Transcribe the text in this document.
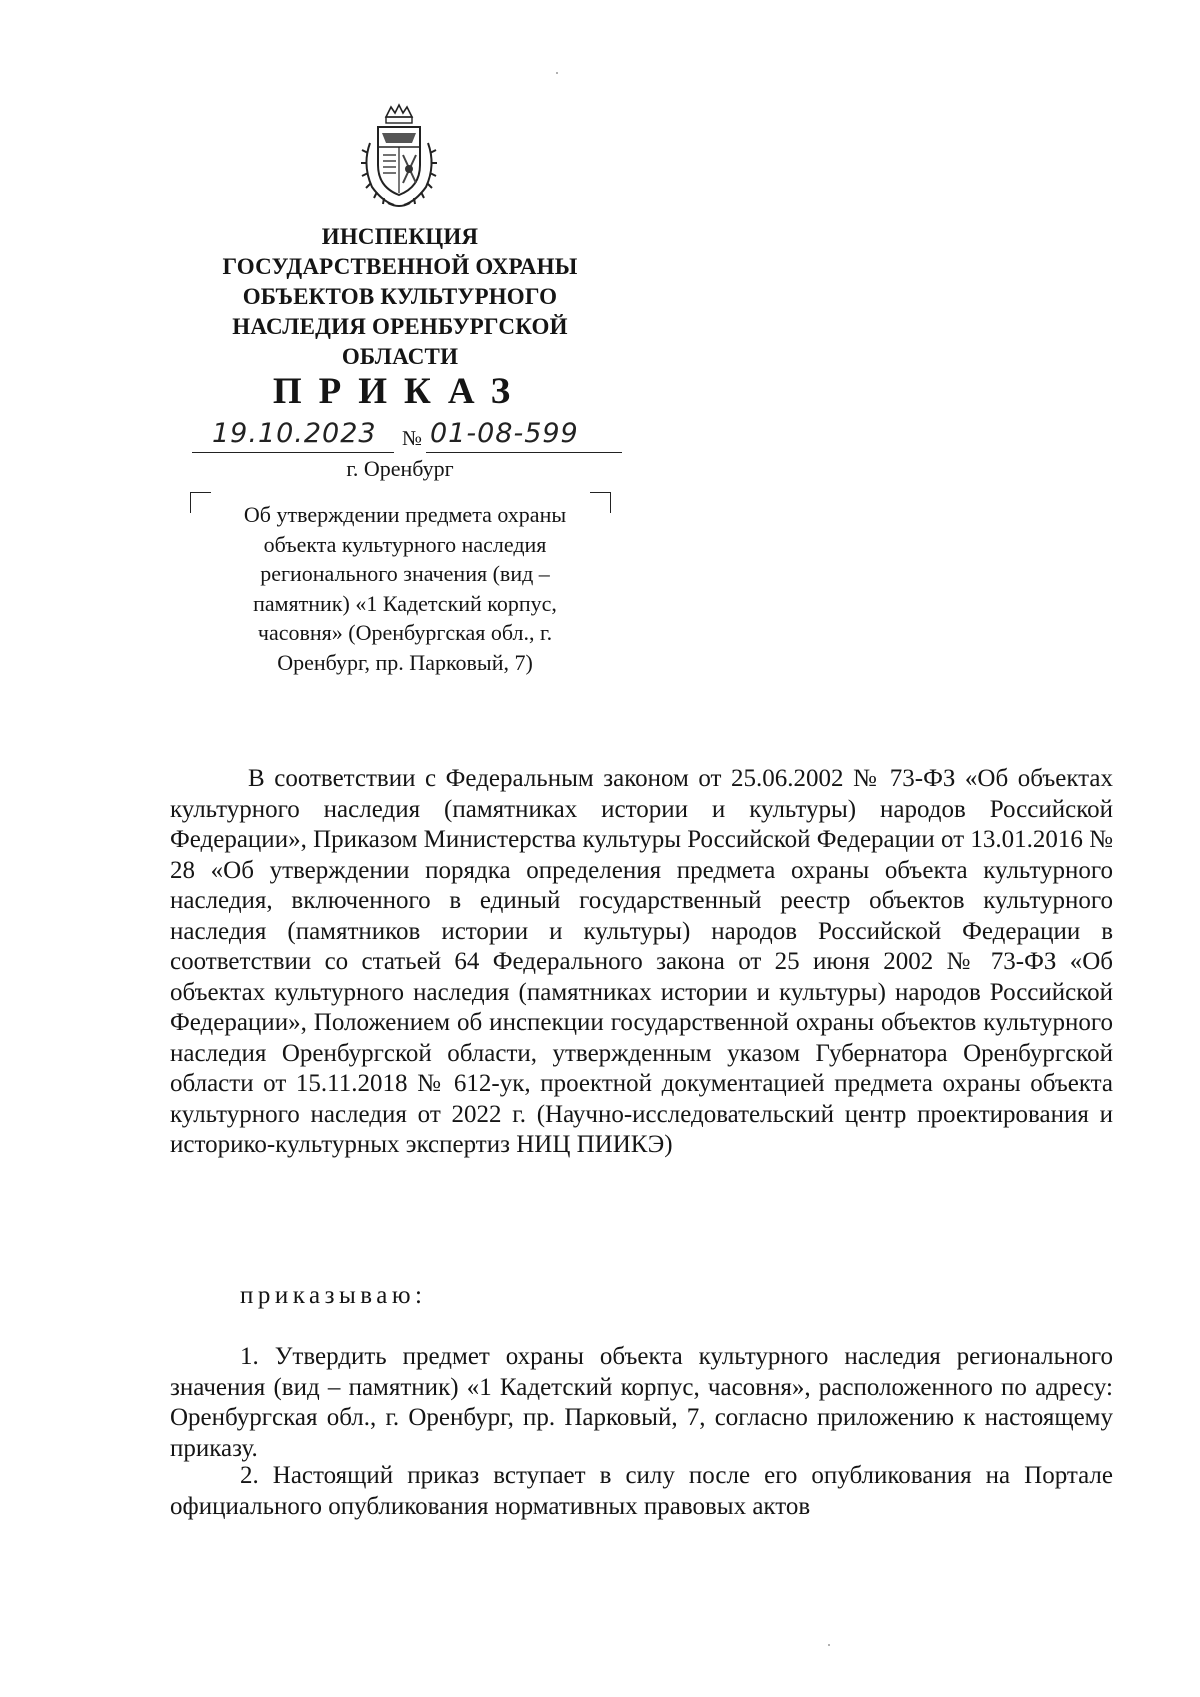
ИНСПЕКЦИЯ
ГОСУДАРСТВЕННОЙ ОХРАНЫ
ОБЪЕКТОВ КУЛЬТУРНОГО
НАСЛЕДИЯ ОРЕНБУРГСКОЙ
ОБЛАСТИ
ПРИКАЗ
19.10.2023 № 01-08-599
г. Оренбург
Об утверждении предмета охраны
объекта культурного наследия
регионального значения (вид –
памятник) «1 Кадетский корпус,
часовня» (Оренбургская обл., г.
Оренбург, пр. Парковый, 7)
В соответствии с Федеральным законом от 25.06.2002 № 73-ФЗ «Об объектах культурного наследия (памятниках истории и культуры) народов Российской Федерации», Приказом Министерства культуры Российской Федерации от 13.01.2016 № 28 «Об утверждении порядка определения предмета охраны объекта культурного наследия, включенного в единый государственный реестр объектов культурного наследия (памятников истории и культуры) народов Российской Федерации в соответствии со статьей 64 Федерального закона от 25 июня 2002 № 73-ФЗ «Об объектах культурного наследия (памятниках истории и культуры) народов Российской Федерации», Положением об инспекции государственной охраны объектов культурного наследия Оренбургской области, утвержденным указом Губернатора Оренбургской области от 15.11.2018 № 612-ук, проектной документацией предмета охраны объекта культурного наследия от 2022 г. (Научно-исследовательский центр проектирования и историко-культурных экспертиз НИЦ ПИИКЭ)
приказываю:
1. Утвердить предмет охраны объекта культурного наследия регионального значения (вид – памятник) «1 Кадетский корпус, часовня», расположенного по адресу: Оренбургская обл., г. Оренбург, пр. Парковый, 7, согласно приложению к настоящему приказу.
2. Настоящий приказ вступает в силу после его опубликования на Портале официального опубликования нормативных правовых актов
